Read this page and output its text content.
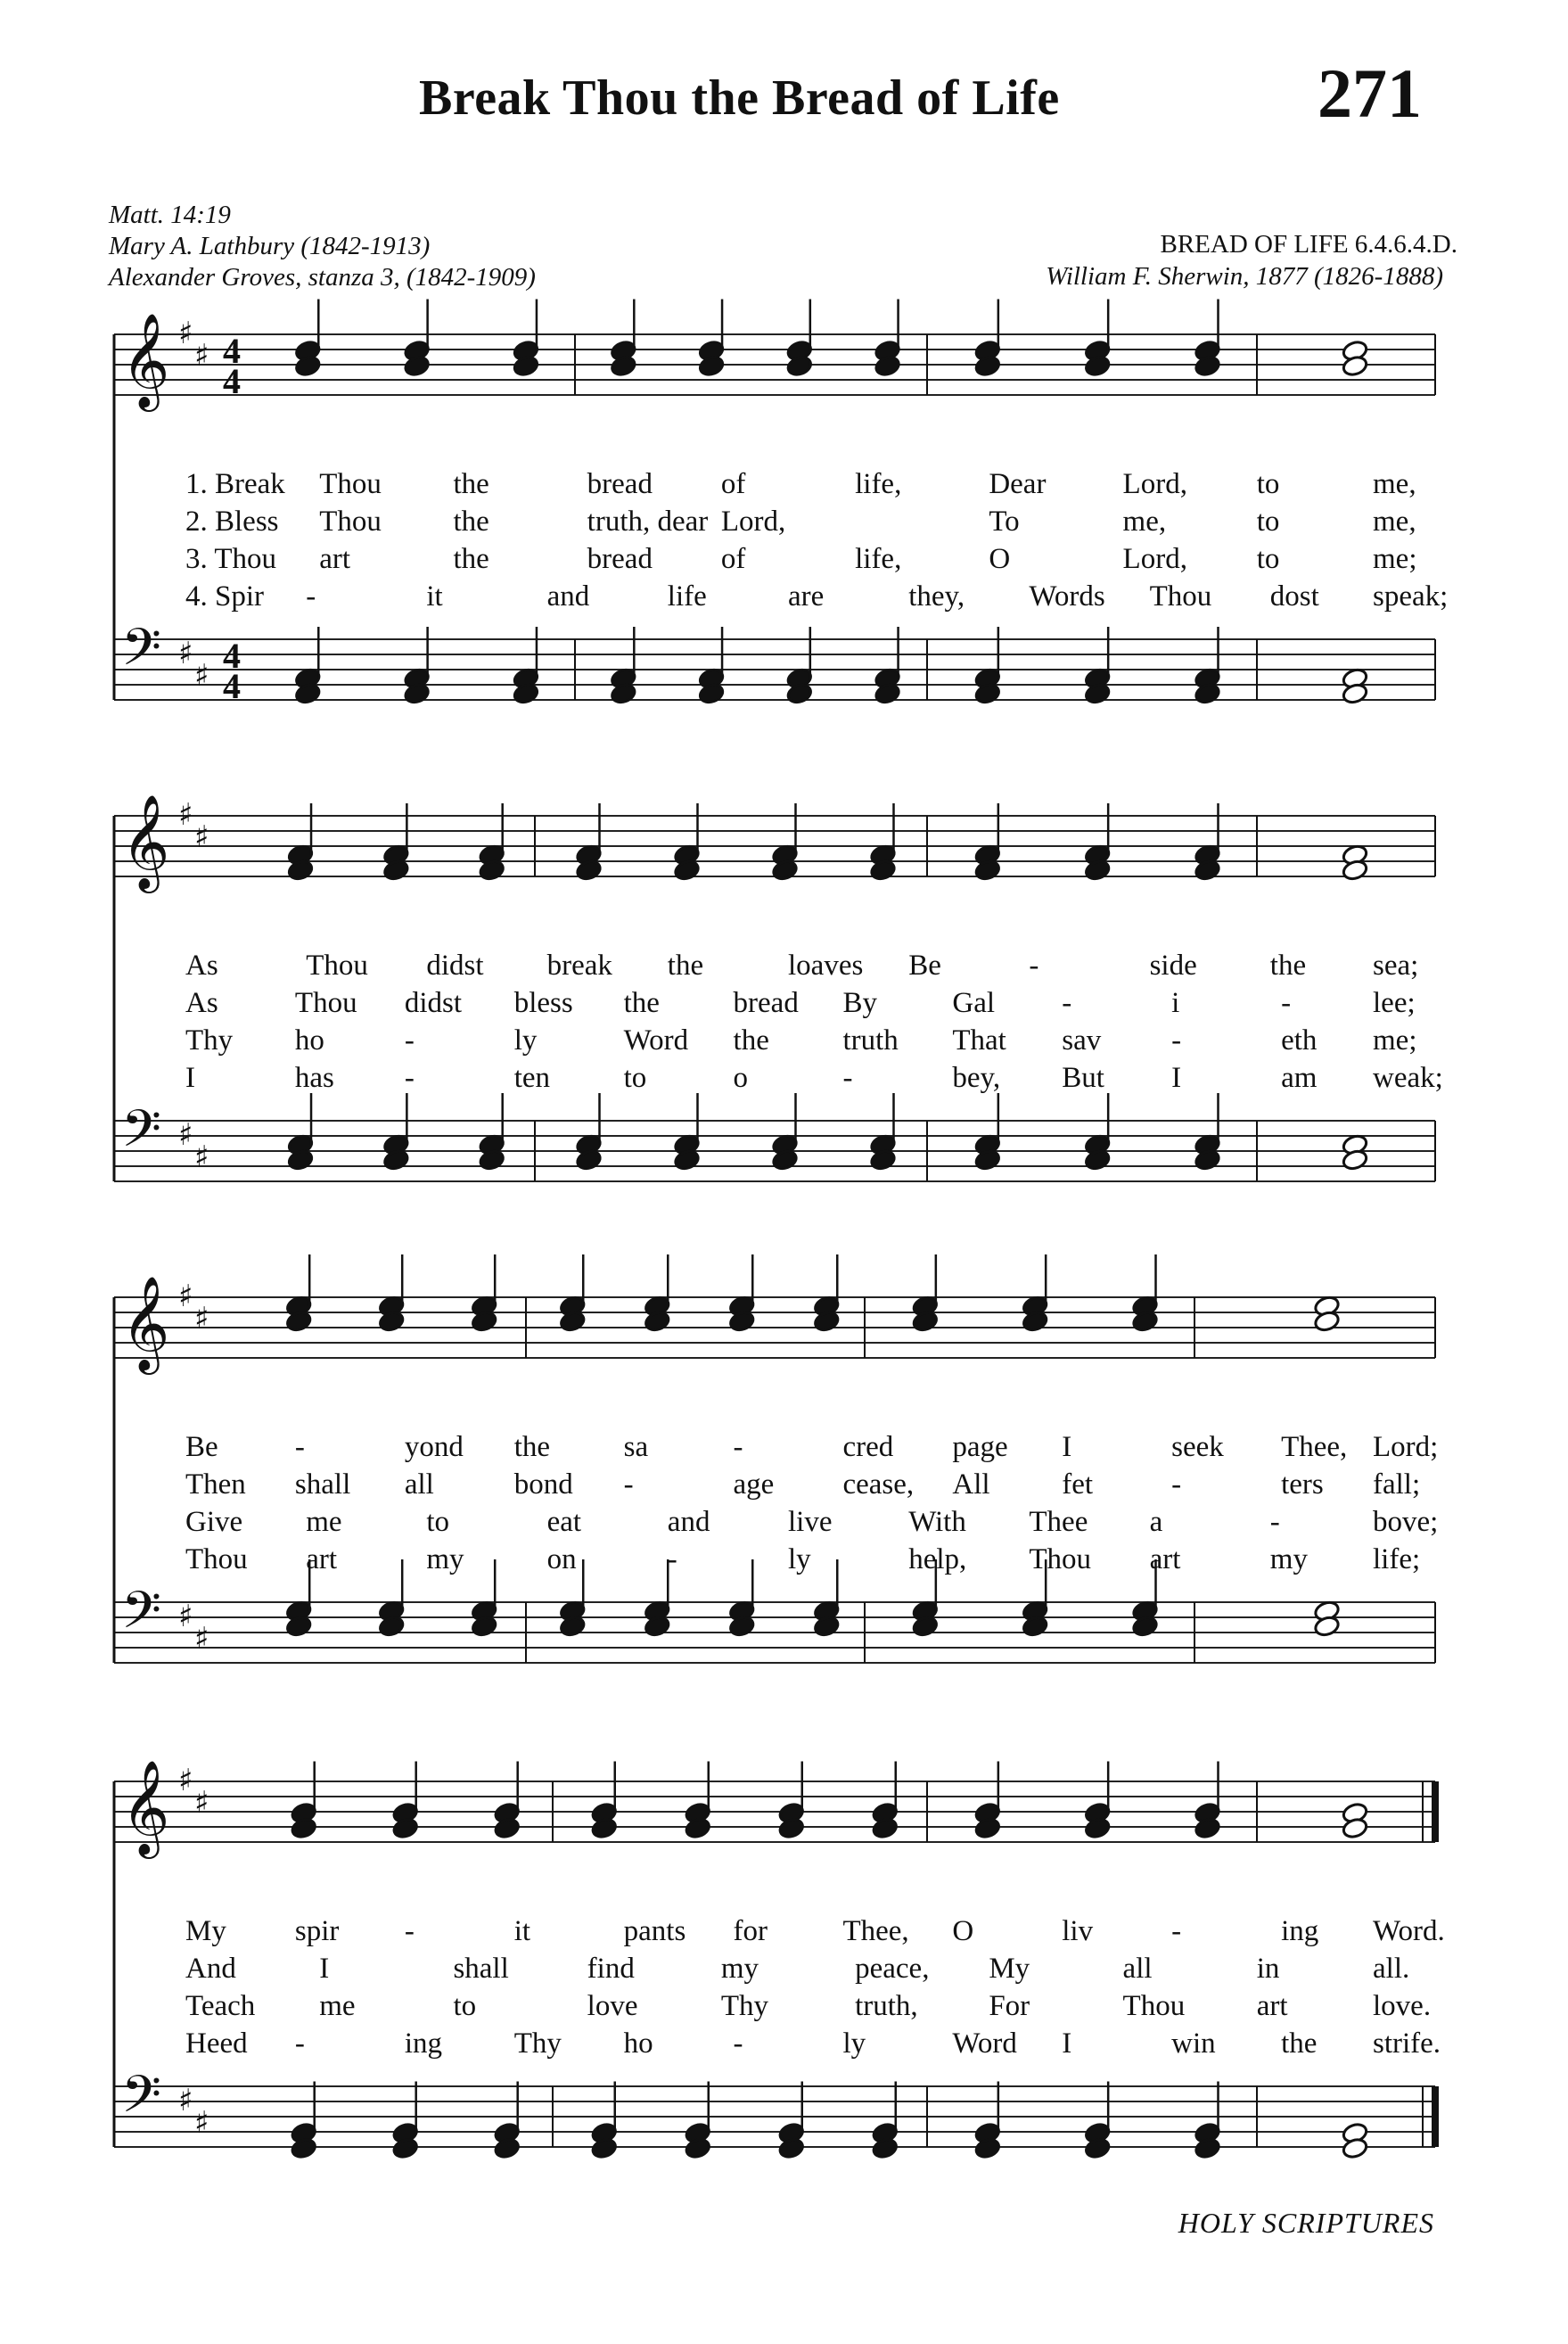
Break Thou the Bread of Life	271
Matt. 14:19
Mary A. Lathbury (1842-1913)
Alexander Groves, stanza 3, (1842-1909)
BREAD OF LIFE 6.4.6.4.D.
William F. Sherwin, 1877 (1826-1888)
𝄞 ♯
♯ 4
4
𝄢 ♯
♯ 4
4
𝄞 ♯
♯
𝄢 ♯
♯
𝄞 ♯
♯
𝄢 ♯
♯
𝄞 ♯
♯
𝄢 ♯
♯
1. Break Thou the	bread of	life,	Dear	Lord, to	me,
2. Bless Thou the	truth, dear Lord,	To	me,	to	me,
3. Thou art	the	bread of	life,	O	Lord, to	me;
4. Spir -	it	and	life	are	they, Words Thou dost speak;
As	Thou didst break the	loaves Be	-	side the sea;
As	Thou didst bless the	bread By	Gal -	i	-	lee;
Thy ho	-	ly	Word the	truth That sav -	eth me;
I	has -	ten	to	o	-	bey, But I	am weak;
Be	-	yond the	sa	-	cred page I	seek Thee, Lord;
Then shall all	bond -	age cease, All fet	-	ters fall;
Give me	to	eat	and	live	With Thee a	-	bove;
Thou art	my	on	-	ly	help, Thou art	my life;
My spir -	it	pants for	Thee, O	liv	-	ing Word.
And	I	shall	find	my	peace, My	all	in	all.
Teach me	to	love	Thy	truth, For	Thou art	love.
Heed -	ing Thy ho	-	ly	Word I	win the strife.
HOLY SCRIPTURES
